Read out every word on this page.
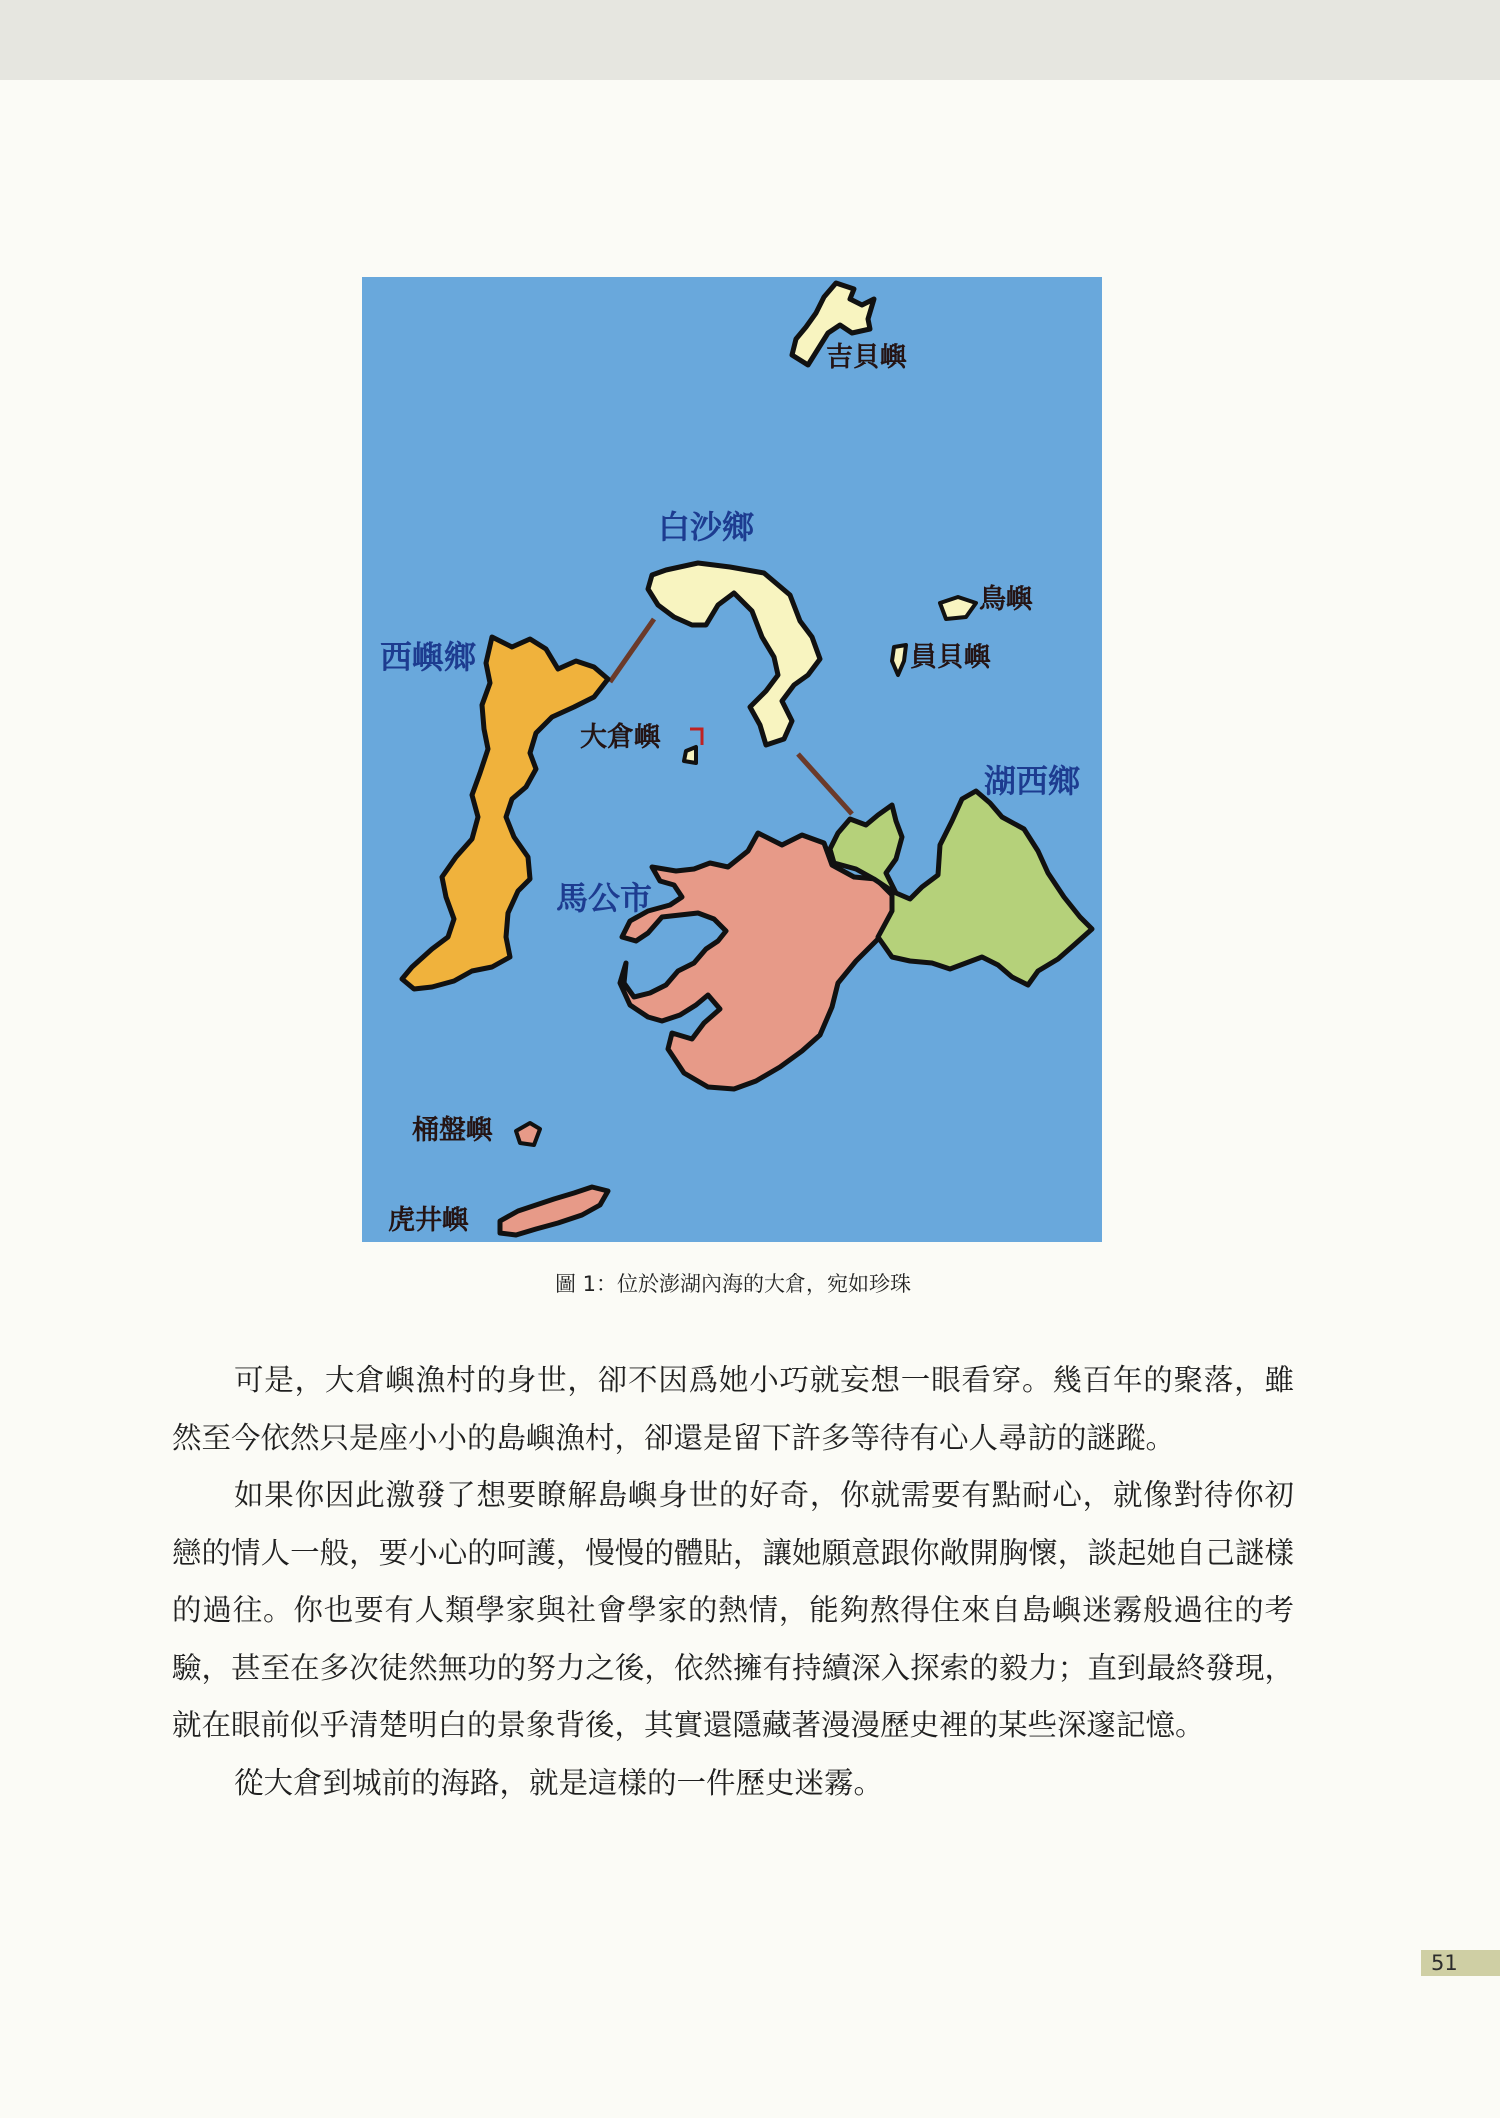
吉貝嶼
白沙鄉
鳥嶼
員貝嶼
西嶼鄉
大倉嶼
湖西鄉
馬公市
桶盤嶼
虎井嶼
圖 1：位於澎湖內海的大倉，宛如珍珠

可是，大倉嶼漁村的身世，卻不因爲她小巧就妄想一眼看穿。幾百年的聚落，雖然至今依然只是座小小的島嶼漁村，卻還是留下許多等待有心人尋訪的謎蹤。

如果你因此激發了想要瞭解島嶼身世的好奇，你就需要有點耐心，就像對待你初戀的情人一般，要小心的呵護，慢慢的體貼，讓她願意跟你敞開胸懷，談起她自己謎樣的過往。你也要有人類學家與社會學家的熱情，能夠熬得住來自島嶼迷霧般過往的考驗，甚至在多次徒然無功的努力之後，依然擁有持續深入探索的毅力；直到最終發現，就在眼前似乎清楚明白的景象背後，其實還隱藏著漫漫歷史裡的某些深邃記憶。

從大倉到城前的海路，就是這樣的一件歷史迷霧。

51
